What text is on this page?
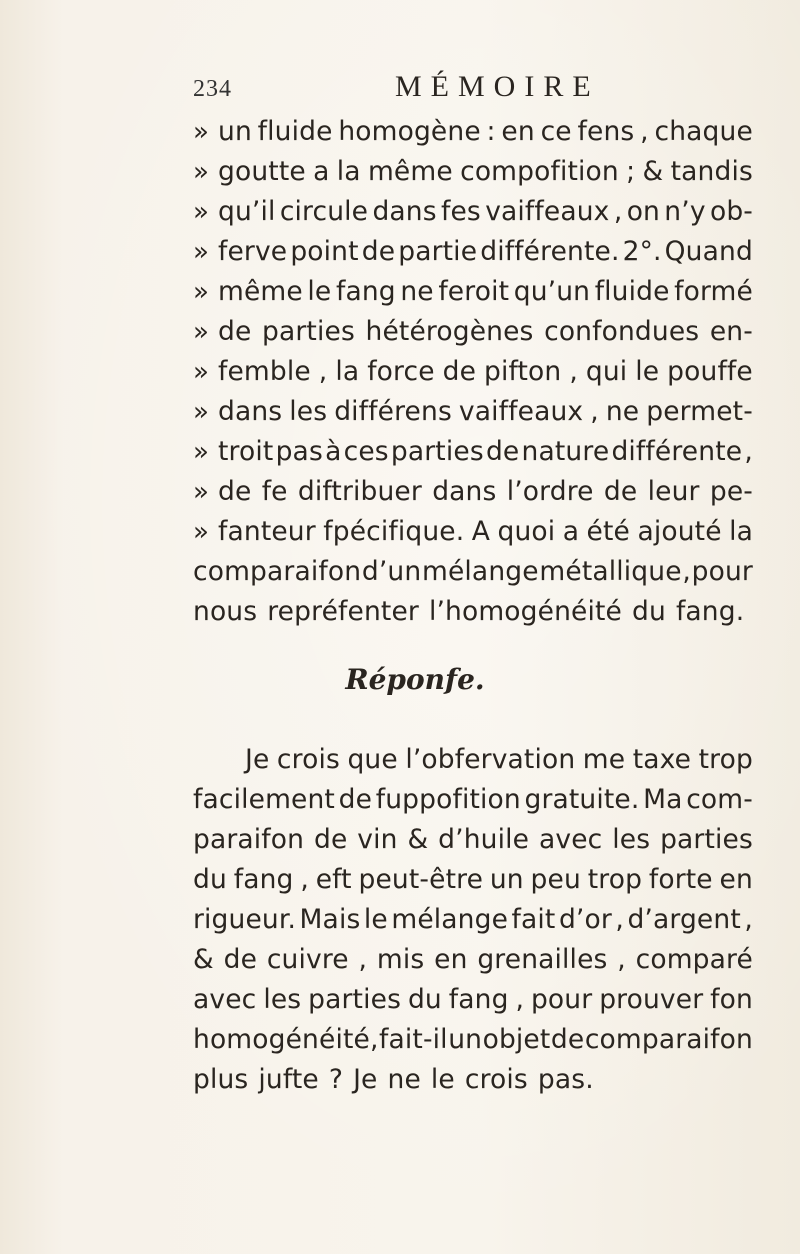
234	MÉMOIRE
» un fluide homogène : en ce fens , chaque
» goutte a la même compofition ; & tandis
» qu’il circule dans fes vaiffeaux , on n’y ob-
» ferve point de partie différente. 2°. Quand
» même le fang ne feroit qu’un fluide formé
» de parties hétérogènes confondues en-
» femble , la force de pifton , qui le pouffe
» dans les différens vaiffeaux , ne permet-
» troit pas à ces parties de nature différente ,
» de fe diftribuer dans l’ordre de leur pe-
» fanteur fpécifique. A quoi a été ajouté la
comparaifon d’un mélange métallique , pour
nous repréfenter l’homogénéité du fang.
Réponfe.
Je crois que l’obfervation me taxe trop
facilement de fuppofition gratuite. Ma com-
paraifon de vin & d’huile avec les parties
du fang , eft peut-être un peu trop forte en
rigueur. Mais le mélange fait d’or , d’argent ,
& de cuivre , mis en grenailles , comparé
avec les parties du fang , pour prouver fon
homogénéité, fait-il un objet de comparaifon
plus jufte ? Je ne le crois pas.
